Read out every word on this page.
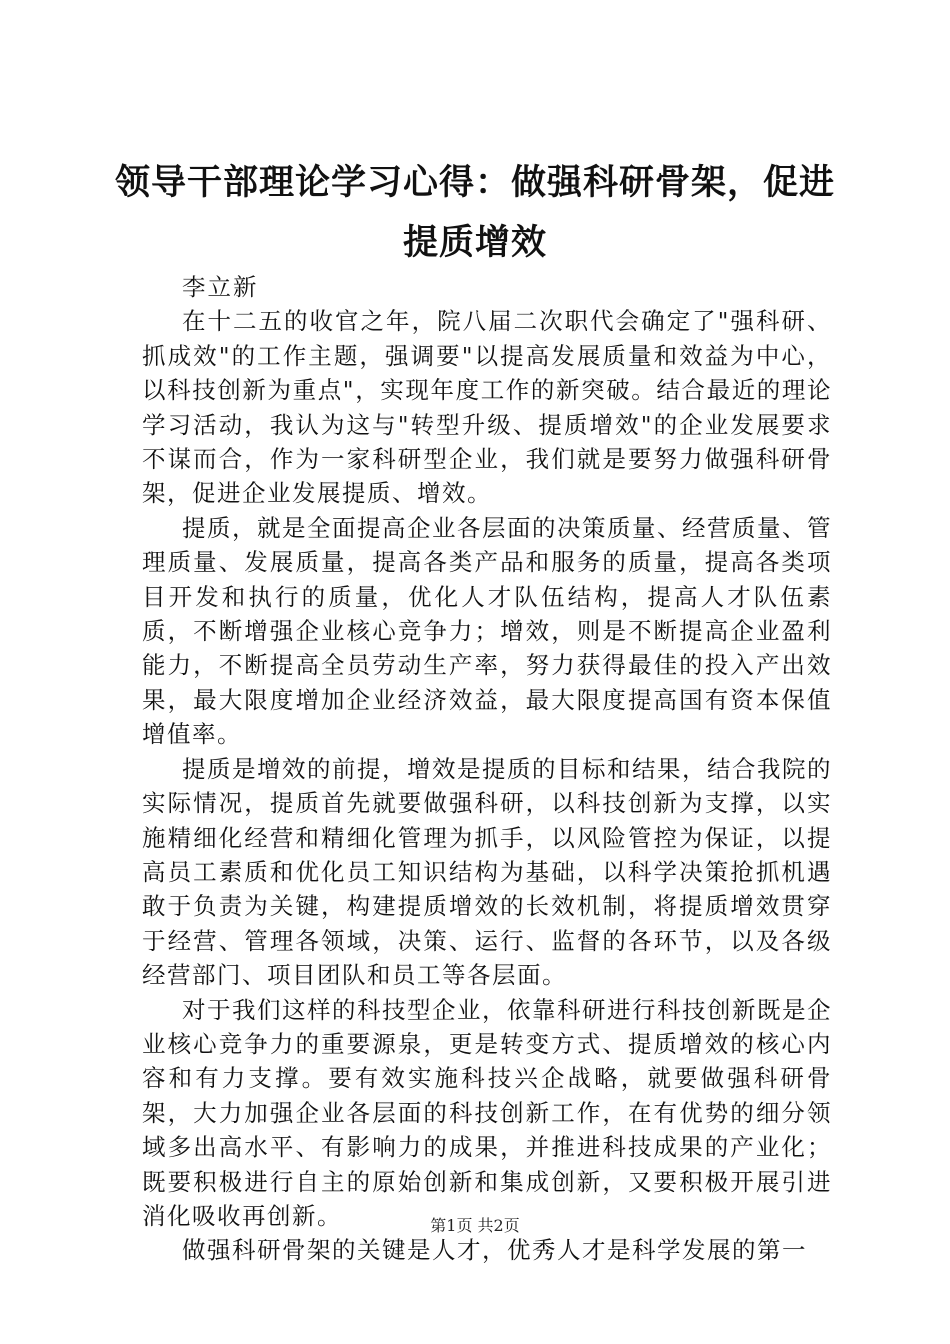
领导干部理论学习心得：做强科研骨架，促进
提质增效

李立新

在十二五的收官之年，院八届二次职代会确定了"强科研、抓成效"的工作主题，强调要"以提高发展质量和效益为中心，以科技创新为重点"，实现年度工作的新突破。结合最近的理论学习活动，我认为这与"转型升级、提质增效"的企业发展要求不谋而合，作为一家科研型企业，我们就是要努力做强科研骨架，促进企业发展提质、增效。

提质，就是全面提高企业各层面的决策质量、经营质量、管理质量、发展质量，提高各类产品和服务的质量，提高各类项目开发和执行的质量，优化人才队伍结构，提高人才队伍素质，不断增强企业核心竞争力；增效，则是不断提高企业盈利能力，不断提高全员劳动生产率，努力获得最佳的投入产出效果，最大限度增加企业经济效益，最大限度提高国有资本保值增值率。

提质是增效的前提，增效是提质的目标和结果，结合我院的实际情况，提质首先就要做强科研，以科技创新为支撑，以实施精细化经营和精细化管理为抓手，以风险管控为保证，以提高员工素质和优化员工知识结构为基础，以科学决策抢抓机遇敢于负责为关键，构建提质增效的长效机制，将提质增效贯穿于经营、管理各领域，决策、运行、监督的各环节，以及各级经营部门、项目团队和员工等各层面。

对于我们这样的科技型企业，依靠科研进行科技创新既是企业核心竞争力的重要源泉，更是转变方式、提质增效的核心内容和有力支撑。要有效实施科技兴企战略，就要做强科研骨架，大力加强企业各层面的科技创新工作，在有优势的细分领域多出高水平、有影响力的成果，并推进科技成果的产业化；既要积极进行自主的原始创新和集成创新，又要积极开展引进消化吸收再创新。

做强科研骨架的关键是人才，优秀人才是科学发展的第一

第1页 共2页
